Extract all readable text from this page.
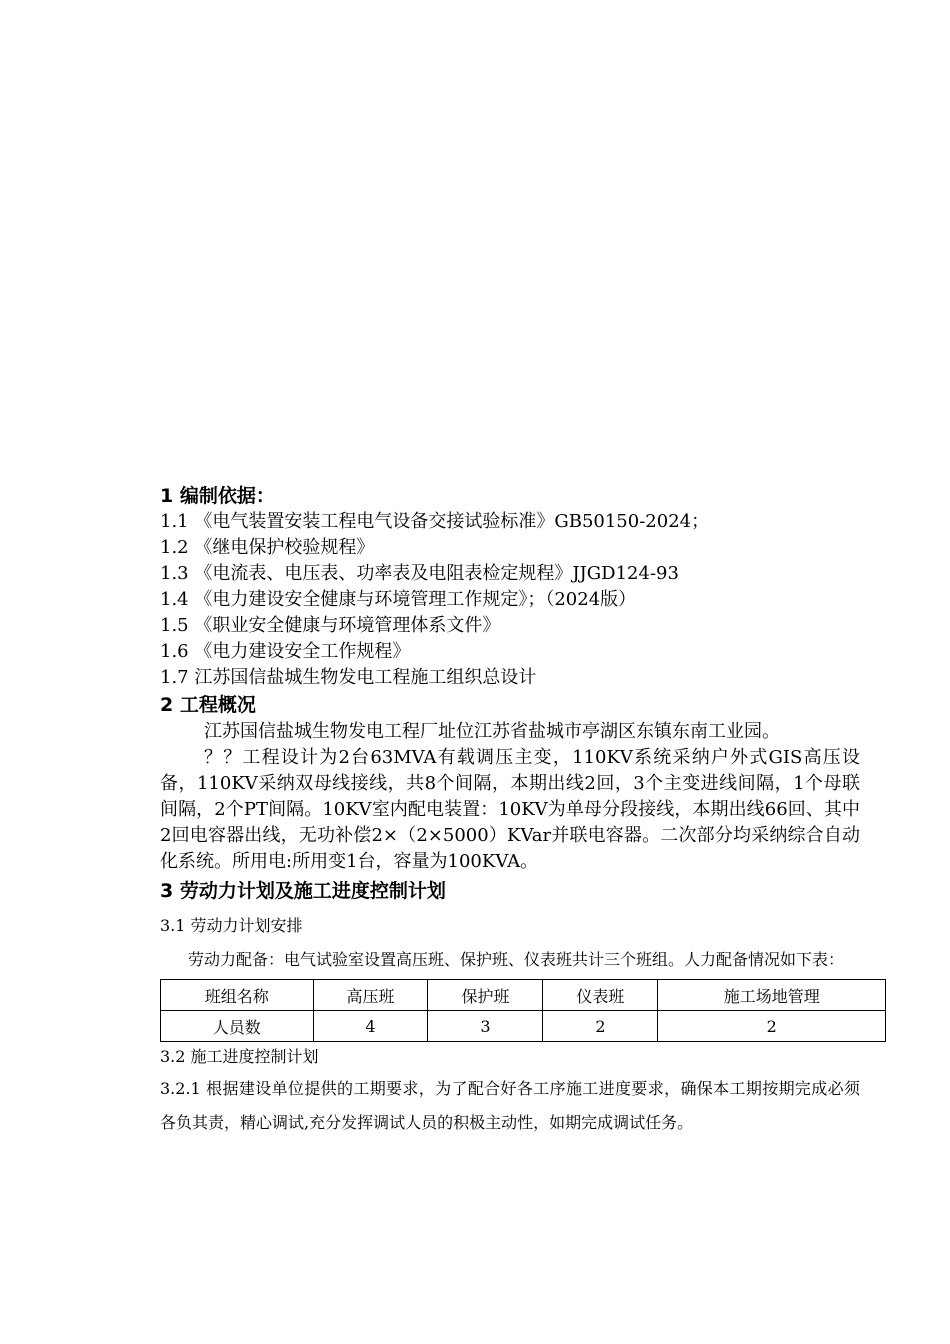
1 编制依据：
1.1 《电气装置安装工程电气设备交接试验标准》GB50150-2024；
1.2 《继电保护校验规程》
1.3 《电流表、电压表、功率表及电阻表检定规程》JJGD124-93
1.4 《电力建设安全健康与环境管理工作规定》；（2024版）
1.5 《职业安全健康与环境管理体系文件》
1.6 《电力建设安全工作规程》
1.7 江苏国信盐城生物发电工程施工组织总设计
2 工程概况
江苏国信盐城生物发电工程厂址位江苏省盐城市亭湖区东镇东南工业园。
？？工程设计为2台63MVA有载调压主变，110KV系统采纳户外式GIS高压设备，110KV采纳双母线接线，共8个间隔，本期出线2回，3个主变进线间隔，1个母联间隔，2个PT间隔。10KV室内配电装置：10KV为单母分段接线，本期出线66回、其中2回电容器出线，无功补偿2×（2×5000）KVar并联电容器。二次部分均采纳综合自动化系统。所用电:所用变1台，容量为100KVA。
3 劳动力计划及施工进度控制计划
3.1 劳动力计划安排
劳动力配备：电气试验室设置高压班、保护班、仪表班共计三个班组。人力配备情况如下表：
班组名称	高压班	保护班	仪表班	施工场地管理
人员数	4	3	2	2
3.2 施工进度控制计划
3.2.1 根据建设单位提供的工期要求，为了配合好各工序施工进度要求，确保本工期按期完成必须各负其责，精心调试,充分发挥调试人员的积极主动性，如期完成调试任务。
